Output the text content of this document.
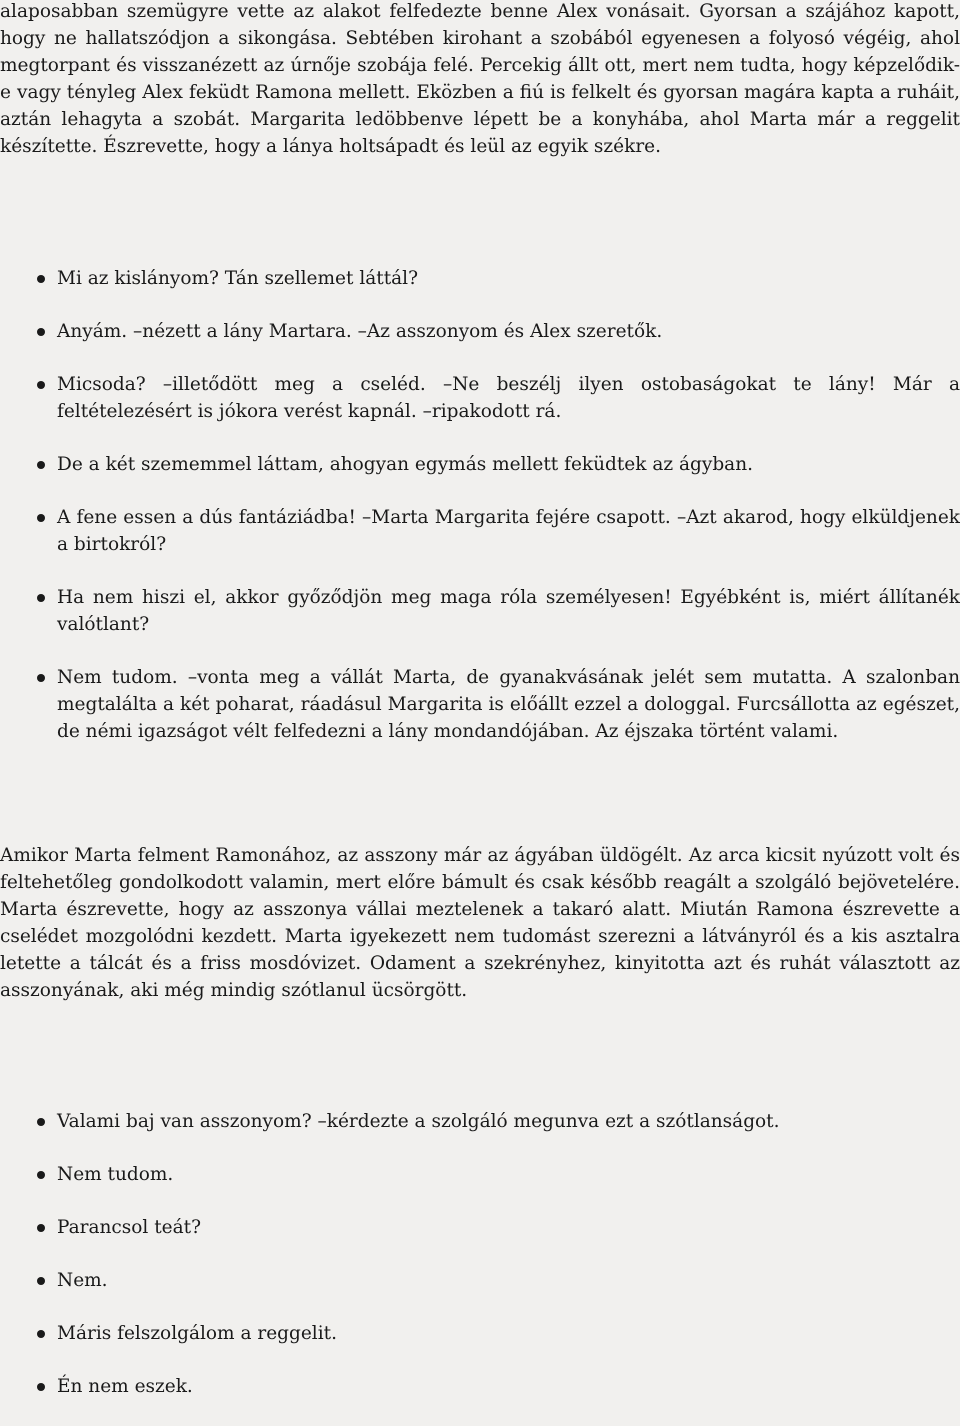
alaposabban szemügyre vette az alakot felfedezte benne Alex vonásait. Gyorsan a szájához kapott, hogy ne hallatszódjon a sikongása. Sebtében kirohant a szobából egyenesen a folyosó végéig, ahol megtorpant és visszanézett az úrnője szobája felé. Percekig állt ott, mert nem tudta, hogy képzelődik-e vagy tényleg Alex feküdt Ramona mellett. Eközben a fiú is felkelt és gyorsan magára kapta a ruháit, aztán lehagyta a szobát. Margarita ledöbbenve lépett be a konyhába, ahol Marta már a reggelit készítette. Észrevette, hogy a lánya holtsápadt és leül az egyik székre.

Mi az kislányom? Tán szellemet láttál?
Anyám. –nézett a lány Martara. –Az asszonyom és Alex szeretők.
Micsoda? –illetődött meg a cseléd. –Ne beszélj ilyen ostobaságokat te lány! Már a feltételezésért is jókora verést kapnál. –ripakodott rá.
De a két szememmel láttam, ahogyan egymás mellett feküdtek az ágyban.
A fene essen a dús fantáziádba! –Marta Margarita fejére csapott. –Azt akarod, hogy elküldjenek a birtokról?
Ha nem hiszi el, akkor győződjön meg maga róla személyesen! Egyébként is, miért állítanék valótlant?
Nem tudom. –vonta meg a vállát Marta, de gyanakvásának jelét sem mutatta. A szalonban megtalálta a két poharat, ráadásul Margarita is előállt ezzel a dologgal. Furcsállotta az egészet, de némi igazságot vélt felfedezni a lány mondandójában. Az éjszaka történt valami.

Amikor Marta felment Ramonához, az asszony már az ágyában üldögélt. Az arca kicsit nyúzott volt és feltehetőleg gondolkodott valamin, mert előre bámult és csak később reagált a szolgáló bejövetelére. Marta észrevette, hogy az asszonya vállai meztelenek a takaró alatt. Miután Ramona észrevette a cselédet mozgolódni kezdett. Marta igyekezett nem tudomást szerezni a látványról és a kis asztalra letette a tálcát és a friss mosdóvizet. Odament a szekrényhez, kinyitotta azt és ruhát választott az asszonyának, aki még mindig szótlanul ücsörgött.

Valami baj van asszonyom? –kérdezte a szolgáló megunva ezt a szótlanságot.
Nem tudom.
Parancsol teát?
Nem.
Máris felszolgálom a reggelit.
Én nem eszek.
